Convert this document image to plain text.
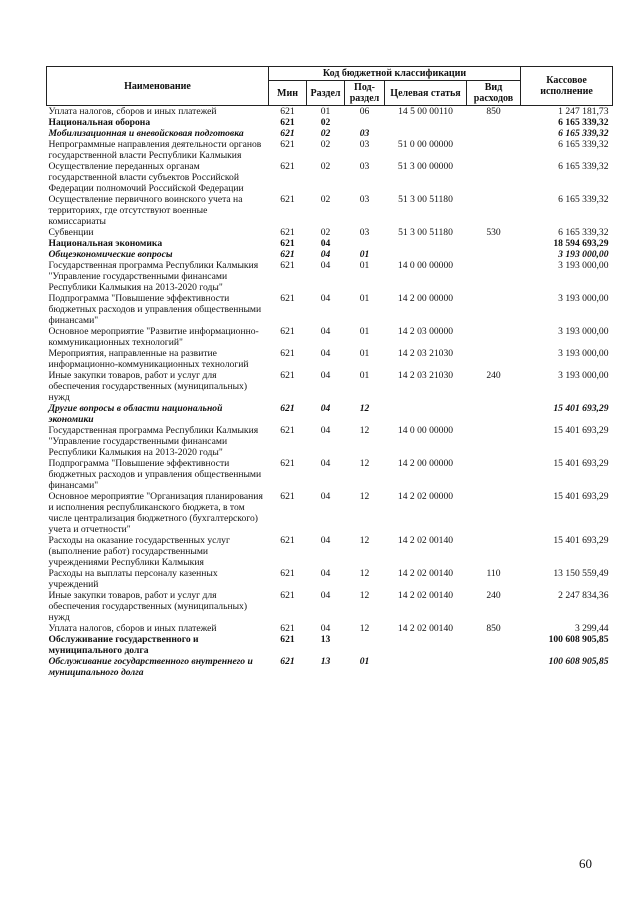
Наименование	Код бюджетной классификации					Кассовое исполнение
	Мин	Раздел	Под-раздел	Целевая статья	Вид расходов	
Уплата налогов, сборов и иных платежей	621	01	06	14 5 00 00110	850	1 247 181,73
Национальная оборона	621	02				6 165 339,32
Мобилизационная и вневойсковая подготовка	621	02	03			6 165 339,32
Непрограммные направления деятельности органов государственной власти Республики Калмыкия	621	02	03	51 0 00 00000		6 165 339,32
Осуществление переданных органам государственной власти субъектов Российской Федерации полномочий Российской Федерации	621	02	03	51 3 00 00000		6 165 339,32
Осуществление первичного воинского учета на территориях, где отсутствуют военные комиссариаты	621	02	03	51 3 00 51180		6 165 339,32
Субвенции	621	02	03	51 3 00 51180	530	6 165 339,32
Национальная экономика	621	04				18 594 693,29
Общеэкономические вопросы	621	04	01			3 193 000,00
Государственная программа Республики Калмыкия "Управление государственными финансами Республики Калмыкия на 2013-2020 годы"	621	04	01	14 0 00 00000		3 193 000,00
Подпрограмма "Повышение эффективности бюджетных расходов и управления общественными финансами"	621	04	01	14 2 00 00000		3 193 000,00
Основное мероприятие "Развитие информационно-коммуникационных технологий"	621	04	01	14 2 03 00000		3 193 000,00
Мероприятия, направленные на развитие информационно-коммуникационных технологий	621	04	01	14 2 03 21030		3 193 000,00
Иные закупки товаров, работ и услуг для обеспечения государственных (муниципальных) нужд	621	04	01	14 2 03 21030	240	3 193 000,00
Другие вопросы в области национальной экономики	621	04	12			15 401 693,29
Государственная программа Республики Калмыкия "Управление государственными финансами Республики Калмыкия на 2013-2020 годы"	621	04	12	14 0 00 00000		15 401 693,29
Подпрограмма "Повышение эффективности бюджетных расходов и управления общественными финансами"	621	04	12	14 2 00 00000		15 401 693,29
Основное мероприятие "Организация планирования и исполнения республиканского бюджета, в том числе централизация бюджетного (бухгалтерского) учета и отчетности"	621	04	12	14 2 02 00000		15 401 693,29
Расходы на оказание государственных услуг (выполнение работ) государственными учреждениями Республики Калмыкия	621	04	12	14 2 02 00140		15 401 693,29
Расходы на выплаты персоналу казенных учреждений	621	04	12	14 2 02 00140	110	13 150 559,49
Иные закупки товаров, работ и услуг для обеспечения государственных (муниципальных) нужд	621	04	12	14 2 02 00140	240	2 247 834,36
Уплата налогов, сборов и иных платежей	621	04	12	14 2 02 00140	850	3 299,44
Обслуживание государственного и муниципального долга	621	13				100 608 905,85
Обслуживание государственного внутреннего и муниципального долга	621	13	01			100 608 905,85
60
